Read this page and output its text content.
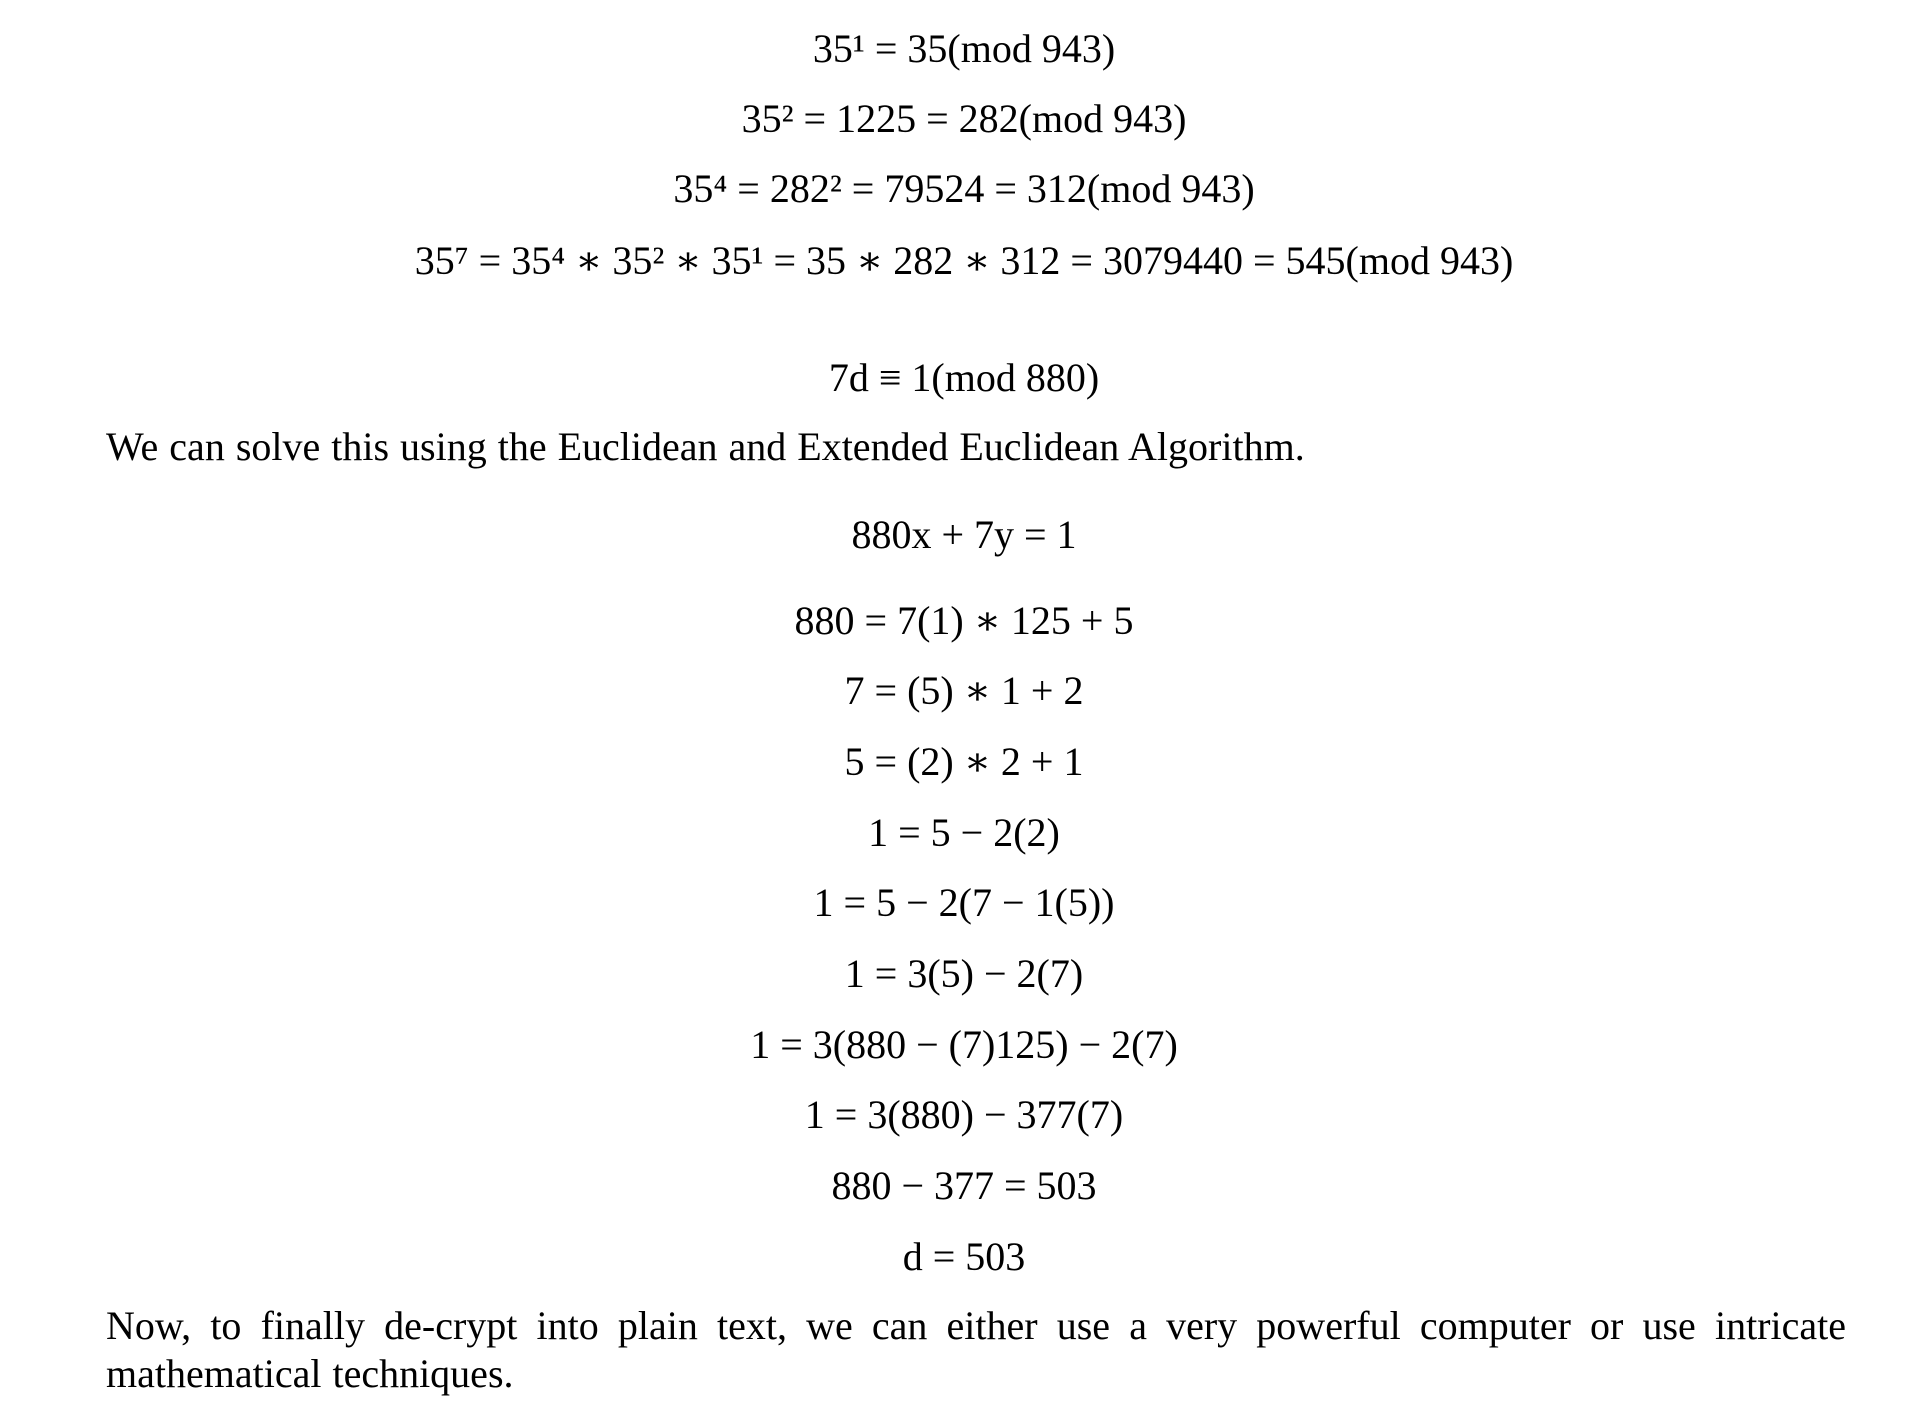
35¹ = 35(mod 943)
35² = 1225 = 282(mod 943)
35⁴ = 282² = 79524 = 312(mod 943)
35⁷ = 35⁴ ∗ 35² ∗ 35¹ = 35 ∗ 282 ∗ 312 = 3079440 = 545(mod 943)
7d ≡ 1(mod 880)
We can solve this using the Euclidean and Extended Euclidean Algorithm.
880x + 7y = 1
880 = 7(1) ∗ 125 + 5
7 = (5) ∗ 1 + 2
5 = (2) ∗ 2 + 1
1 = 5 − 2(2)
1 = 5 − 2(7 − 1(5))
1 = 3(5) − 2(7)
1 = 3(880 − (7)125) − 2(7)
1 = 3(880) − 377(7)
880 − 377 = 503
d = 503
Now, to finally de-crypt into plain text, we can either use a very powerful computer or use intricate mathematical techniques.
